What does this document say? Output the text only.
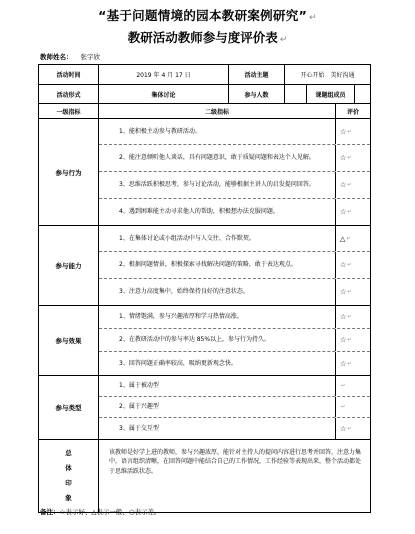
“基于问题情境的园本教研案例研究” ↵
教研活动教师参与度评价表 ↵
教师姓名： 张宇欣
活动时间	2019 年 4 月 17 日	活动主题	开心开始　美好沟通
活动形式	集体讨论	参与人数	课题组成员
一级指标	二级指标	评价
参与行为
1、能积极主动参与教研活动。	☆ ↵
2、能注意倾听他人谈话，具有问题意识，敢于质疑问题和表达个人见解。	☆ ↵
3、思维活跃积极思考，参与讨论活动，能够根据主讲人的启发提问回答。	☆ ↵
4、遇到困难能主动寻求他人的帮助，积极想办法克服问题。	☆ ↵
参与能力
1、在集体讨论或小组活动中与人交往、合作默契。	△ ↵
2、根据问题情景，积极探索寻找解决问题的策略，敢于表达观点。	☆ ↵
3、注意力高度集中，始终保持良好的注意状态。	☆ ↵
参与效果
1、情绪饱满，参与兴趣浓厚和学习热情高涨。	☆ ↵
2、在教研活动中的参与率达 85%以上，参与行为持久。	☆ ↵
3、回答问题正确率较高，吸纳更新观念快。	☆ ↵
参与类型
1、属于被动型	↵
2、属于兴趣型	↵
3、属于交互型	☆ ↵
总
体
印
象
该教师是好学上进的教师，参与兴趣浓厚，能针对主持人的提问内容进行思考并回答，注意力集中，语言组织清晰，在回答问题中能结合自己的工作情况，工作经验等表现出来，整个活动都处于思维活跃状态。
备注：☆表示好、△表示一般、○表示差。
